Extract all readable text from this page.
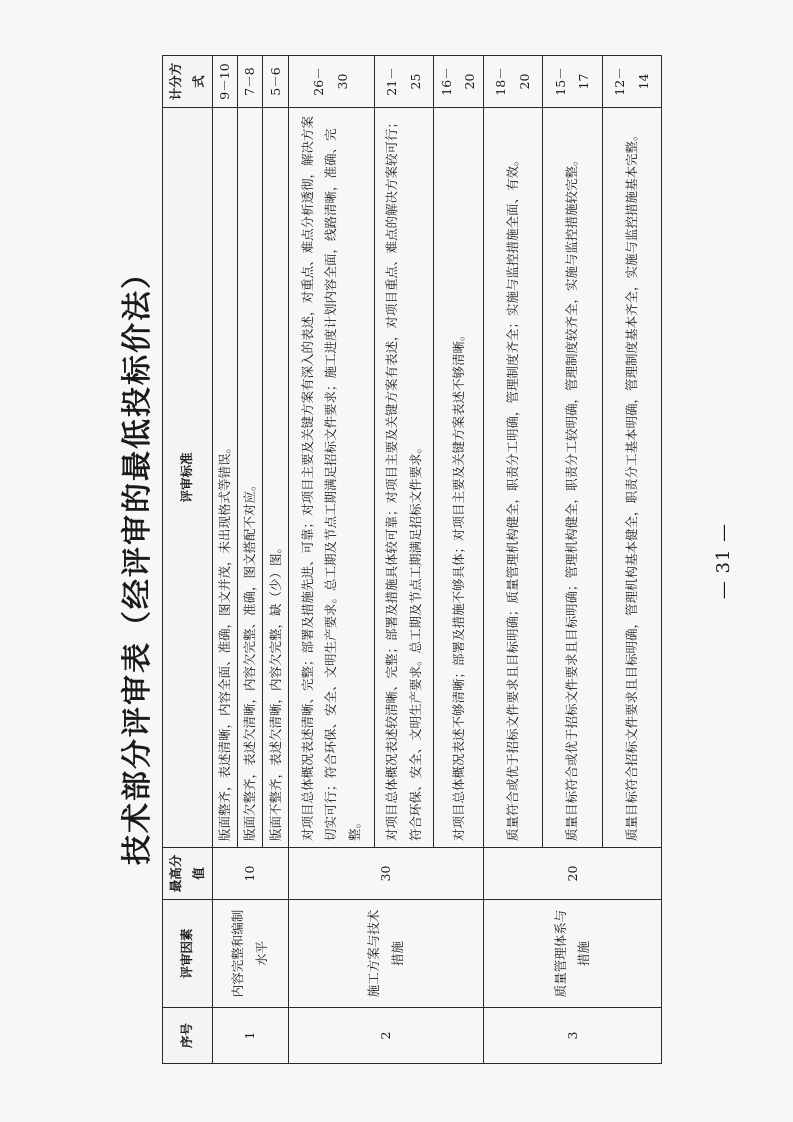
技术部分评审表（经评审的最低投标价法）
序号	评审因素	最高分值	评审标准	计分方式
1	内容完整和编制水平	10	版面整齐，表述清晰，内容全面、准确，图文并茂，未出现格式等错误。	9－10
			版面欠整齐，表述欠清晰，内容欠完整、准确，图文搭配不对应。	7－8
			版面不整齐，表述欠清晰，内容欠完整，缺（少）图。	5－6
2	施工方案与技术措施	30	对项目总体概况表述清晰、完整；部署及措施先进、可靠；对项目主要及关键方案有深入的表述，对重点、难点分析透彻，解决方案切实可行；符合环保、安全、文明生产要求。总工期及节点工期满足招标文件要求；施工进度计划内容全面，线路清晰，准确、完整。	26－30
			对项目总体概况表述较清晰、完整；部署及措施具体较可靠；对项目主要及关键方案有表述，对项目重点、难点的解决方案较可行；符合环保、安全、文明生产要求。总工期及节点工期满足招标文件要求。	21－25
			对项目总体概况表述不够清晰；部署及措施不够具体；对项目主要及关键方案表述不够清晰。	16－20
3	质量管理体系与措施	20	质量符合或优于招标文件要求且目标明确；质量管理机构健全，职责分工明确，管理制度齐全；实施与监控措施全面、有效。	18－20
			质量目标符合或优于招标文件要求且目标明确；管理机构健全，职责分工较明确，管理制度较齐全，实施与监控措施较完整。	15－17
			质量目标符合招标文件要求且目标明确，管理机构基本健全，职责分工基本明确，管理制度基本齐全，实施与监控措施基本完整。	12－14
— 31 —
